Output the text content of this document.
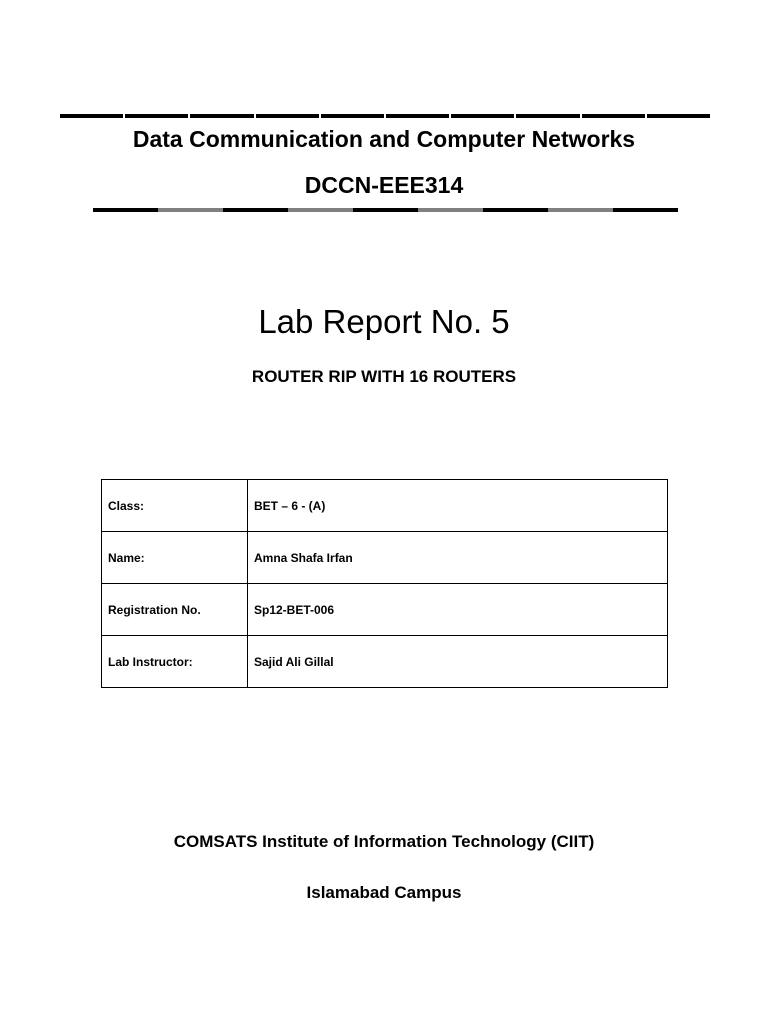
Data Communication and Computer Networks
DCCN-EEE314
Lab Report No. 5
ROUTER RIP WITH 16 ROUTERS
Class:	BET – 6 - (A)
Name:	Amna Shafa Irfan
Registration No.	Sp12-BET-006
Lab Instructor:	Sajid Ali Gillal
COMSATS Institute of Information Technology (CIIT)
Islamabad Campus
